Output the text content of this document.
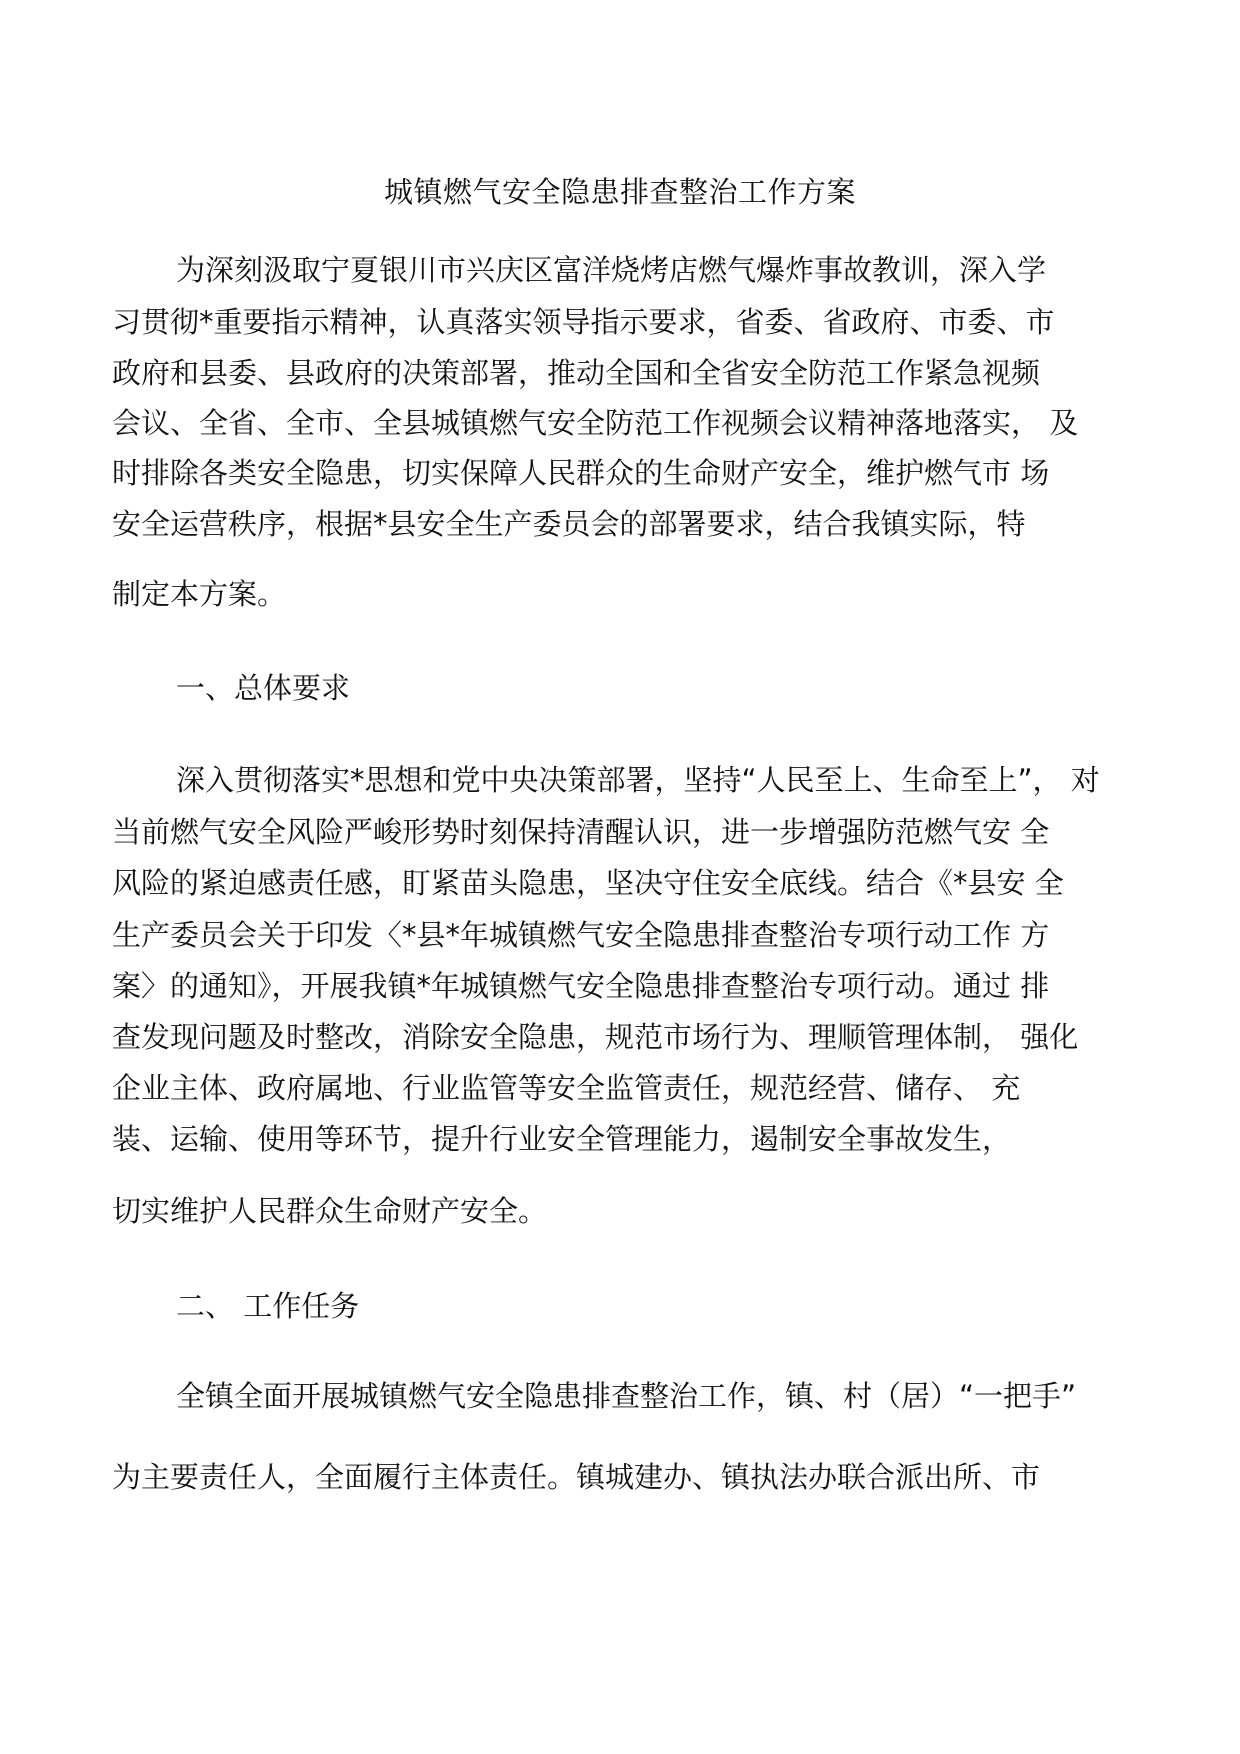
城镇燃气安全隐患排查整治工作方案

为深刻汲取宁夏银川市兴庆区富洋烧烤店燃气爆炸事故教训，深入学

习贯彻*重要指示精神，认真落实领导指示要求，省委、省政府、市委、市

政府和县委、县政府的决策部署，推动全国和全省安全防范工作紧急视频

会议、全省、全市、全县城镇燃气安全防范工作视频会议精神落地落实， 及

时排除各类安全隐患，切实保障人民群众的生命财产安全，维护燃气市 场

安全运营秩序，根据*县安全生产委员会的部署要求，结合我镇实际，特

制定本方案。

一、总体要求

深入贯彻落实*思想和党中央决策部署，坚持“人民至上、生命至上”， 对

当前燃气安全风险严峻形势时刻保持清醒认识，进一步增强防范燃气安 全

风险的紧迫感责任感，盯紧苗头隐患，坚决守住安全底线。结合《*县安 全

生产委员会关于印发〈*县*年城镇燃气安全隐患排查整治专项行动工作 方

案〉的通知》，开展我镇*年城镇燃气安全隐患排查整治专项行动。通过 排

查发现问题及时整改，消除安全隐患，规范市场行为、理顺管理体制， 强化

企业主体、政府属地、行业监管等安全监管责任，规范经营、储存、 充

装、运输、使用等环节，提升行业安全管理能力，遏制安全事故发生，

切实维护人民群众生命财产安全。

二、 工作任务

全镇全面开展城镇燃气安全隐患排查整治工作，镇、村（居）“一把手”

为主要责任人，全面履行主体责任。镇城建办、镇执法办联合派出所、市
